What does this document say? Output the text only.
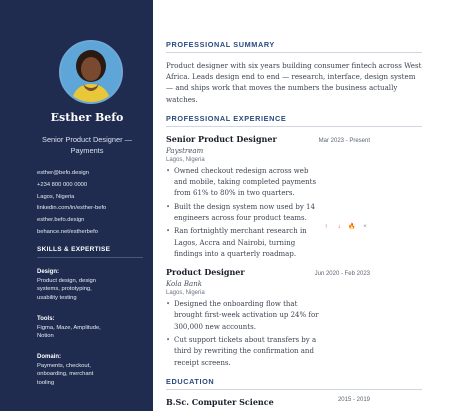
Esther Befo
Senior Product Designer — Payments
esther@befo.design
+234 800 000 0000
Lagos, Nigeria
linkedin.com/in/esther-befo
esther.befo.design
behance.net/estherbefo
SKILLS & EXPERTISE
Design:
Product design, design systems, prototyping, usability testing
Tools:
Figma, Maze, Amplitude, Notion
Domain:
Payments, checkout, onboarding, merchant tooling
PROFESSIONAL SUMMARY
Product designer with six years building consumer fintech across West Africa. Leads design end to end — research, interface, design system — and ships work that moves the numbers the business actually watches.
PROFESSIONAL EXPERIENCE
Senior Product Designer	Mar 2023 - Present
Paystream
Lagos, Nigeria
• Owned checkout redesign across web and mobile, taking completed payments from 61% to 80% in two quarters.
• Built the design system now used by 14 engineers across four product teams.
• Ran fortnightly merchant research in Lagos, Accra and Nairobi, turning findings into a quarterly roadmap.
Product Designer	Jun 2020 - Feb 2023
Kola Bank
Lagos, Nigeria
• Designed the onboarding flow that brought first-week activation up 24% for 300,000 new accounts.
• Cut support tickets about transfers by a third by rewriting the confirmation and receipt screens.
EDUCATION
B.Sc. Computer Science	2015 - 2019
↑	↓	🔥	×
